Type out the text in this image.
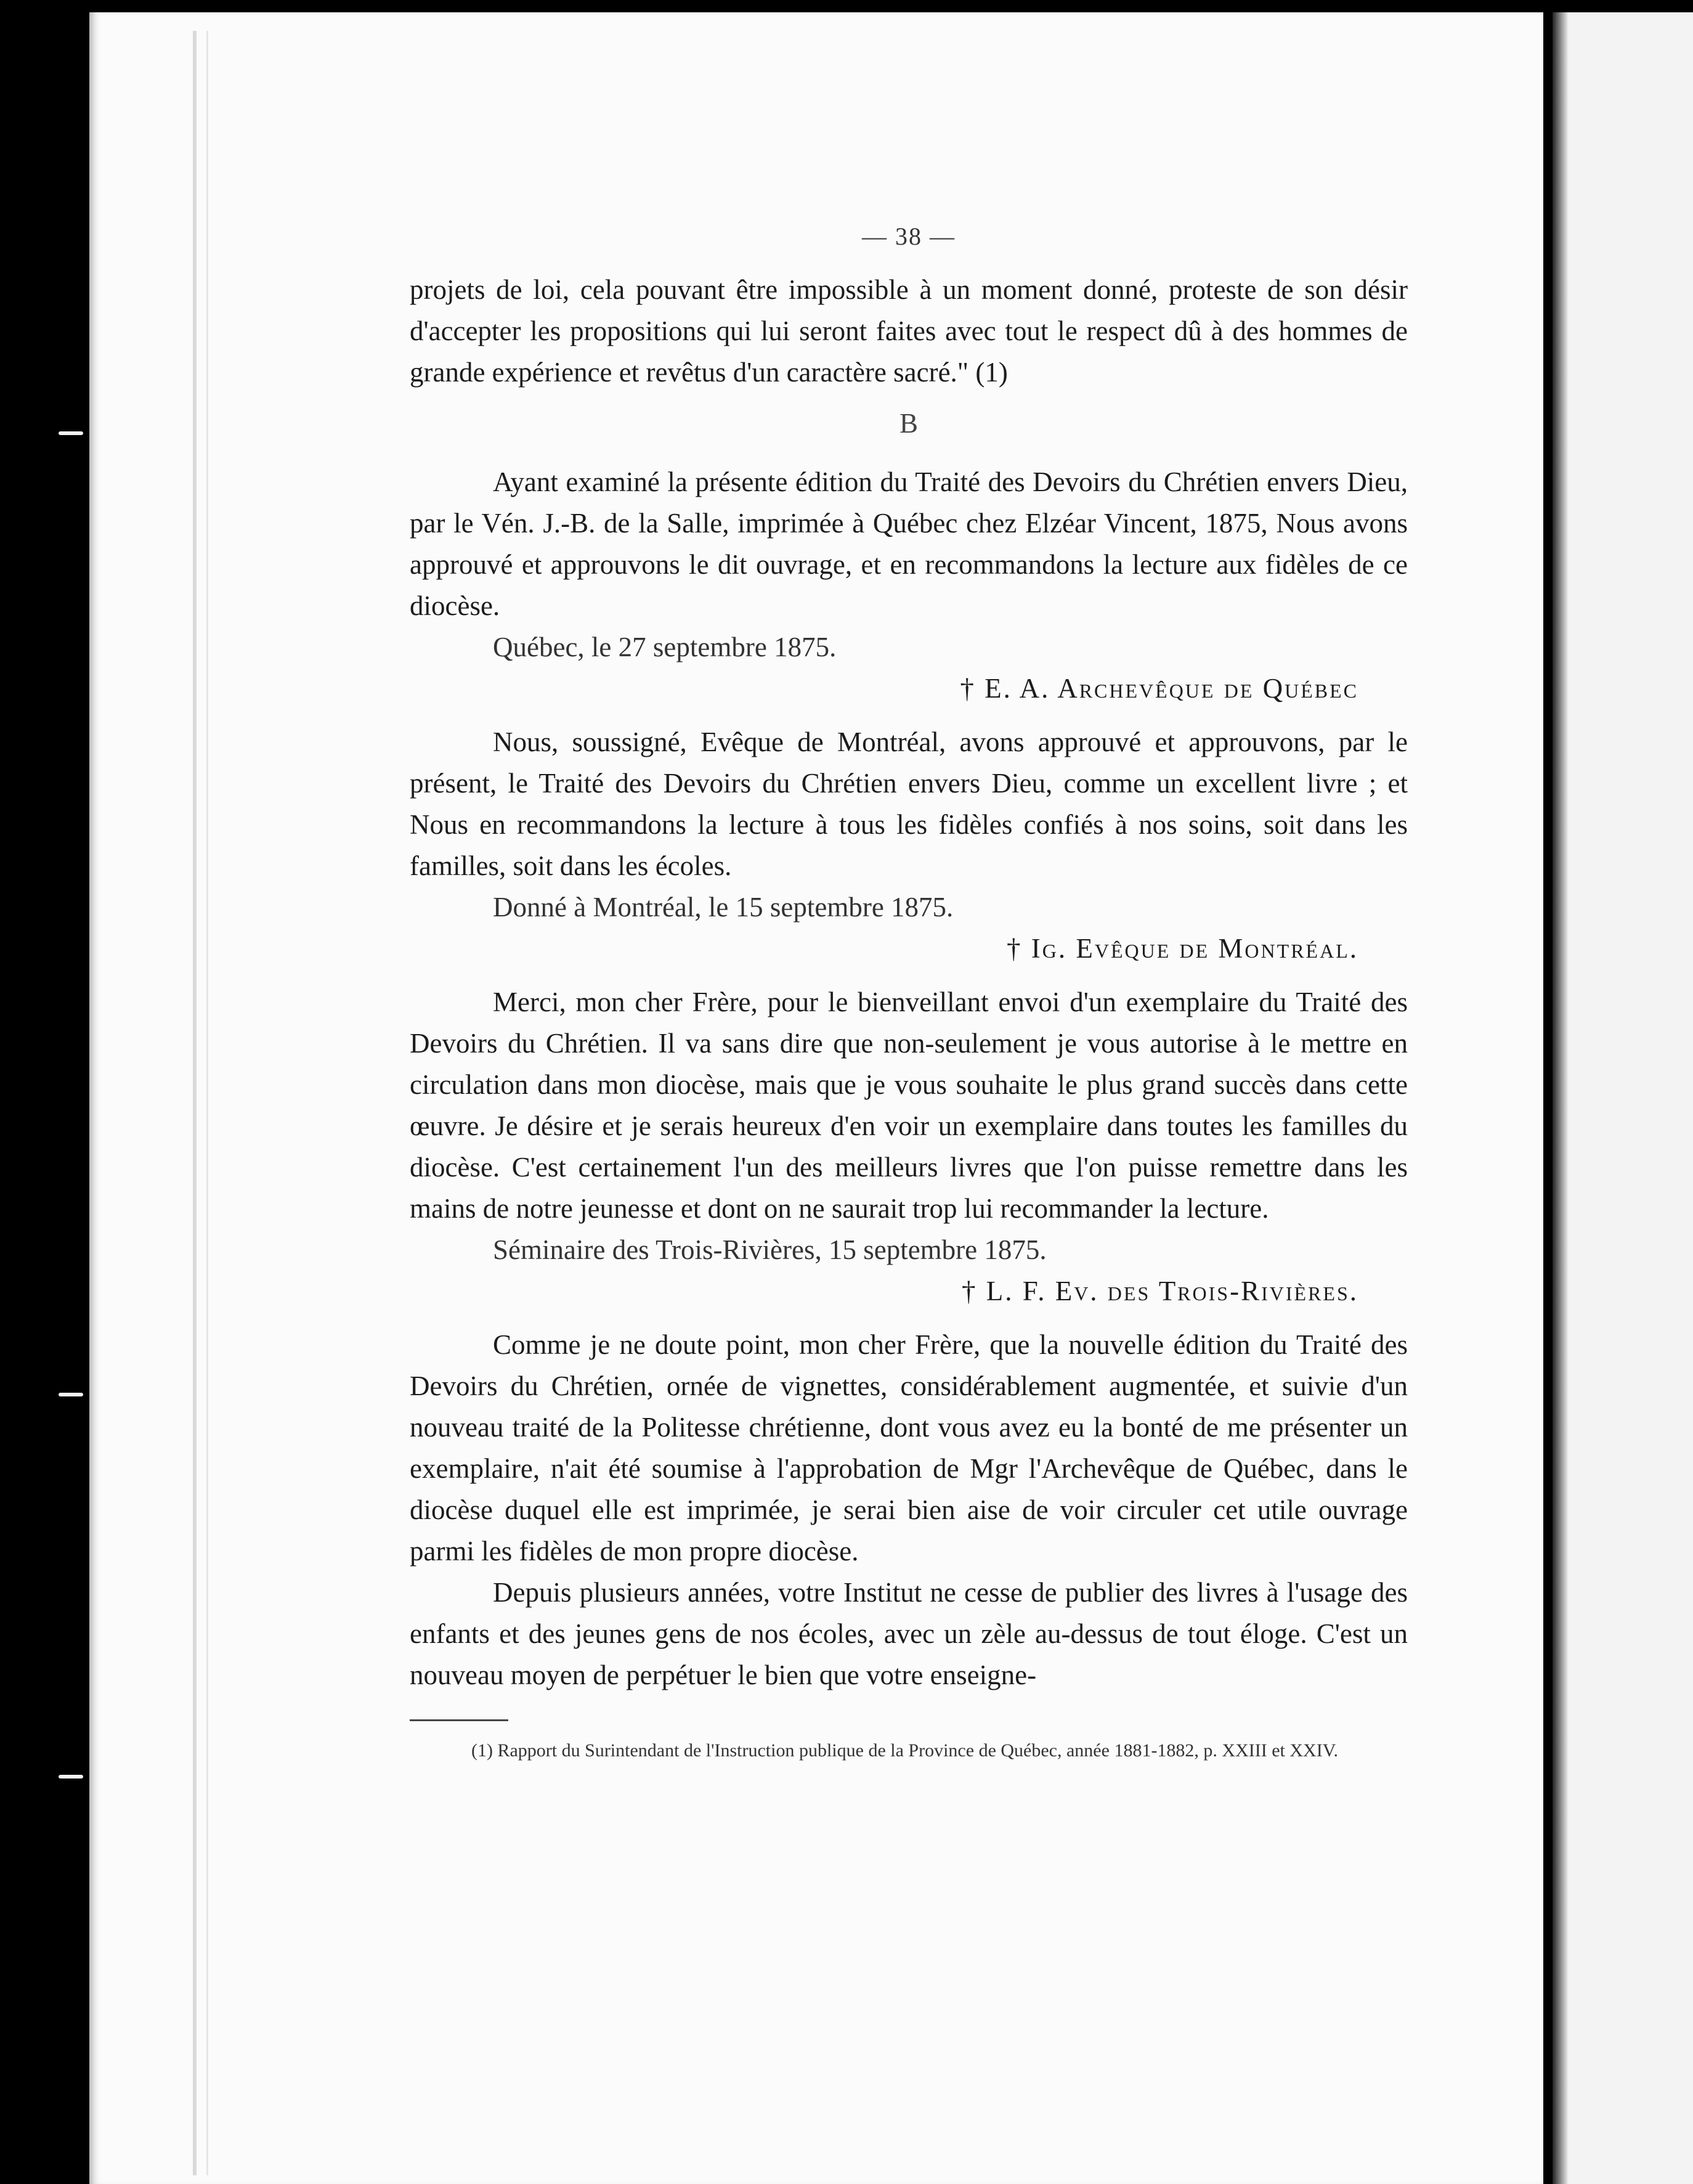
— 38 —

projets de loi, cela pouvant être impossible à un moment donné, proteste de son désir d'accepter les propositions qui lui seront faites avec tout le respect dû à des hommes de grande expérience et revêtus d'un caractère sacré." (1)

B

Ayant examiné la présente édition du Traité des Devoirs du Chrétien envers Dieu, par le Vén. J.-B. de la Salle, imprimée à Québec chez Elzéar Vincent, 1875, Nous avons approuvé et approuvons le dit ouvrage, et en recommandons la lecture aux fidèles de ce diocèse.

Québec, le 27 septembre 1875.

† E. A. Archevêque de Québec

Nous, soussigné, Evêque de Montréal, avons approuvé et approuvons, par le présent, le Traité des Devoirs du Chrétien envers Dieu, comme un excellent livre ; et Nous en recommandons la lecture à tous les fidèles confiés à nos soins, soit dans les familles, soit dans les écoles.

Donné à Montréal, le 15 septembre 1875.

† Ig. Evêque de Montréal.

Merci, mon cher Frère, pour le bienveillant envoi d'un exemplaire du Traité des Devoirs du Chrétien. Il va sans dire que non-seulement je vous autorise à le mettre en circulation dans mon diocèse, mais que je vous souhaite le plus grand succès dans cette œuvre. Je désire et je serais heureux d'en voir un exemplaire dans toutes les familles du diocèse. C'est certainement l'un des meilleurs livres que l'on puisse remettre dans les mains de notre jeunesse et dont on ne saurait trop lui recommander la lecture.

Séminaire des Trois-Rivières, 15 septembre 1875.

† L. F. Ev. des Trois-Rivières.

Comme je ne doute point, mon cher Frère, que la nouvelle édition du Traité des Devoirs du Chrétien, ornée de vignettes, considérablement augmentée, et suivie d'un nouveau traité de la Politesse chrétienne, dont vous avez eu la bonté de me présenter un exemplaire, n'ait été soumise à l'approbation de Mgr l'Archevêque de Québec, dans le diocèse duquel elle est imprimée, je serai bien aise de voir circuler cet utile ouvrage parmi les fidèles de mon propre diocèse.

Depuis plusieurs années, votre Institut ne cesse de publier des livres à l'usage des enfants et des jeunes gens de nos écoles, avec un zèle au-dessus de tout éloge. C'est un nouveau moyen de perpétuer le bien que votre enseigne-

(1) Rapport du Surintendant de l'Instruction publique de la Province de Québec, année 1881-1882, p. XXIII et XXIV.
